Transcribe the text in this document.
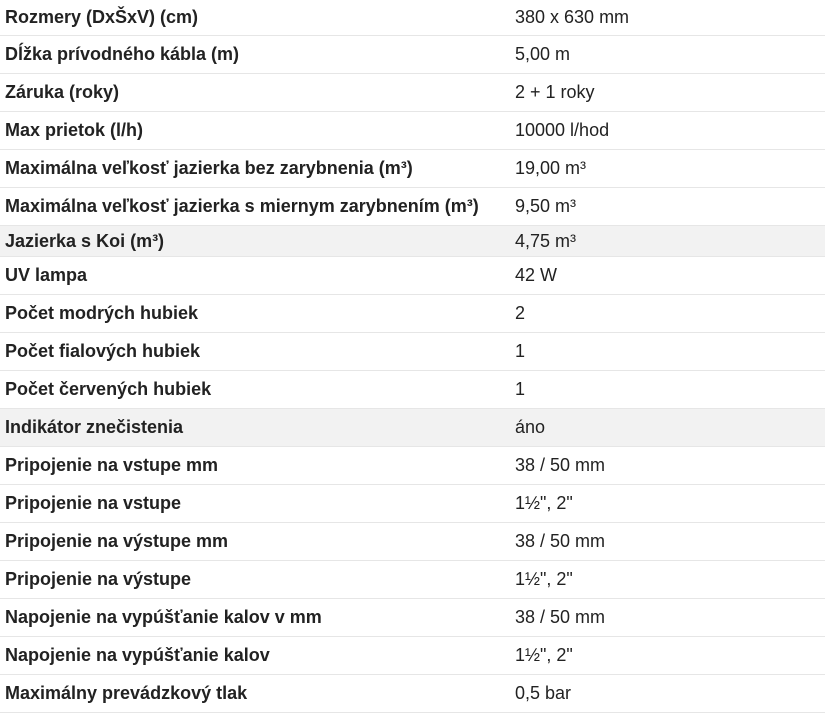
Rozmery (DxŠxV) (cm)	380 x 630 mm
Dĺžka prívodného kábla (m)	5,00 m
Záruka (roky)	2 + 1 roky
Max prietok (l/h)	10000 l/hod
Maximálna veľkosť jazierka bez zarybnenia (m³)	19,00 m³
Maximálna veľkosť jazierka s miernym zarybnením (m³)	9,50 m³
Jazierka s Koi (m³)	4,75 m³
UV lampa	42 W
Počet modrých hubiek	2
Počet fialových hubiek	1
Počet červených hubiek	1
Indikátor znečistenia	áno
Pripojenie na vstupe mm	38 / 50 mm
Pripojenie na vstupe	1½", 2"
Pripojenie na výstupe mm	38 / 50 mm
Pripojenie na výstupe	1½", 2"
Napojenie na vypúšťanie kalov v mm	38 / 50 mm
Napojenie na vypúšťanie kalov	1½", 2"
Maximálny prevádzkový tlak	0,5 bar
